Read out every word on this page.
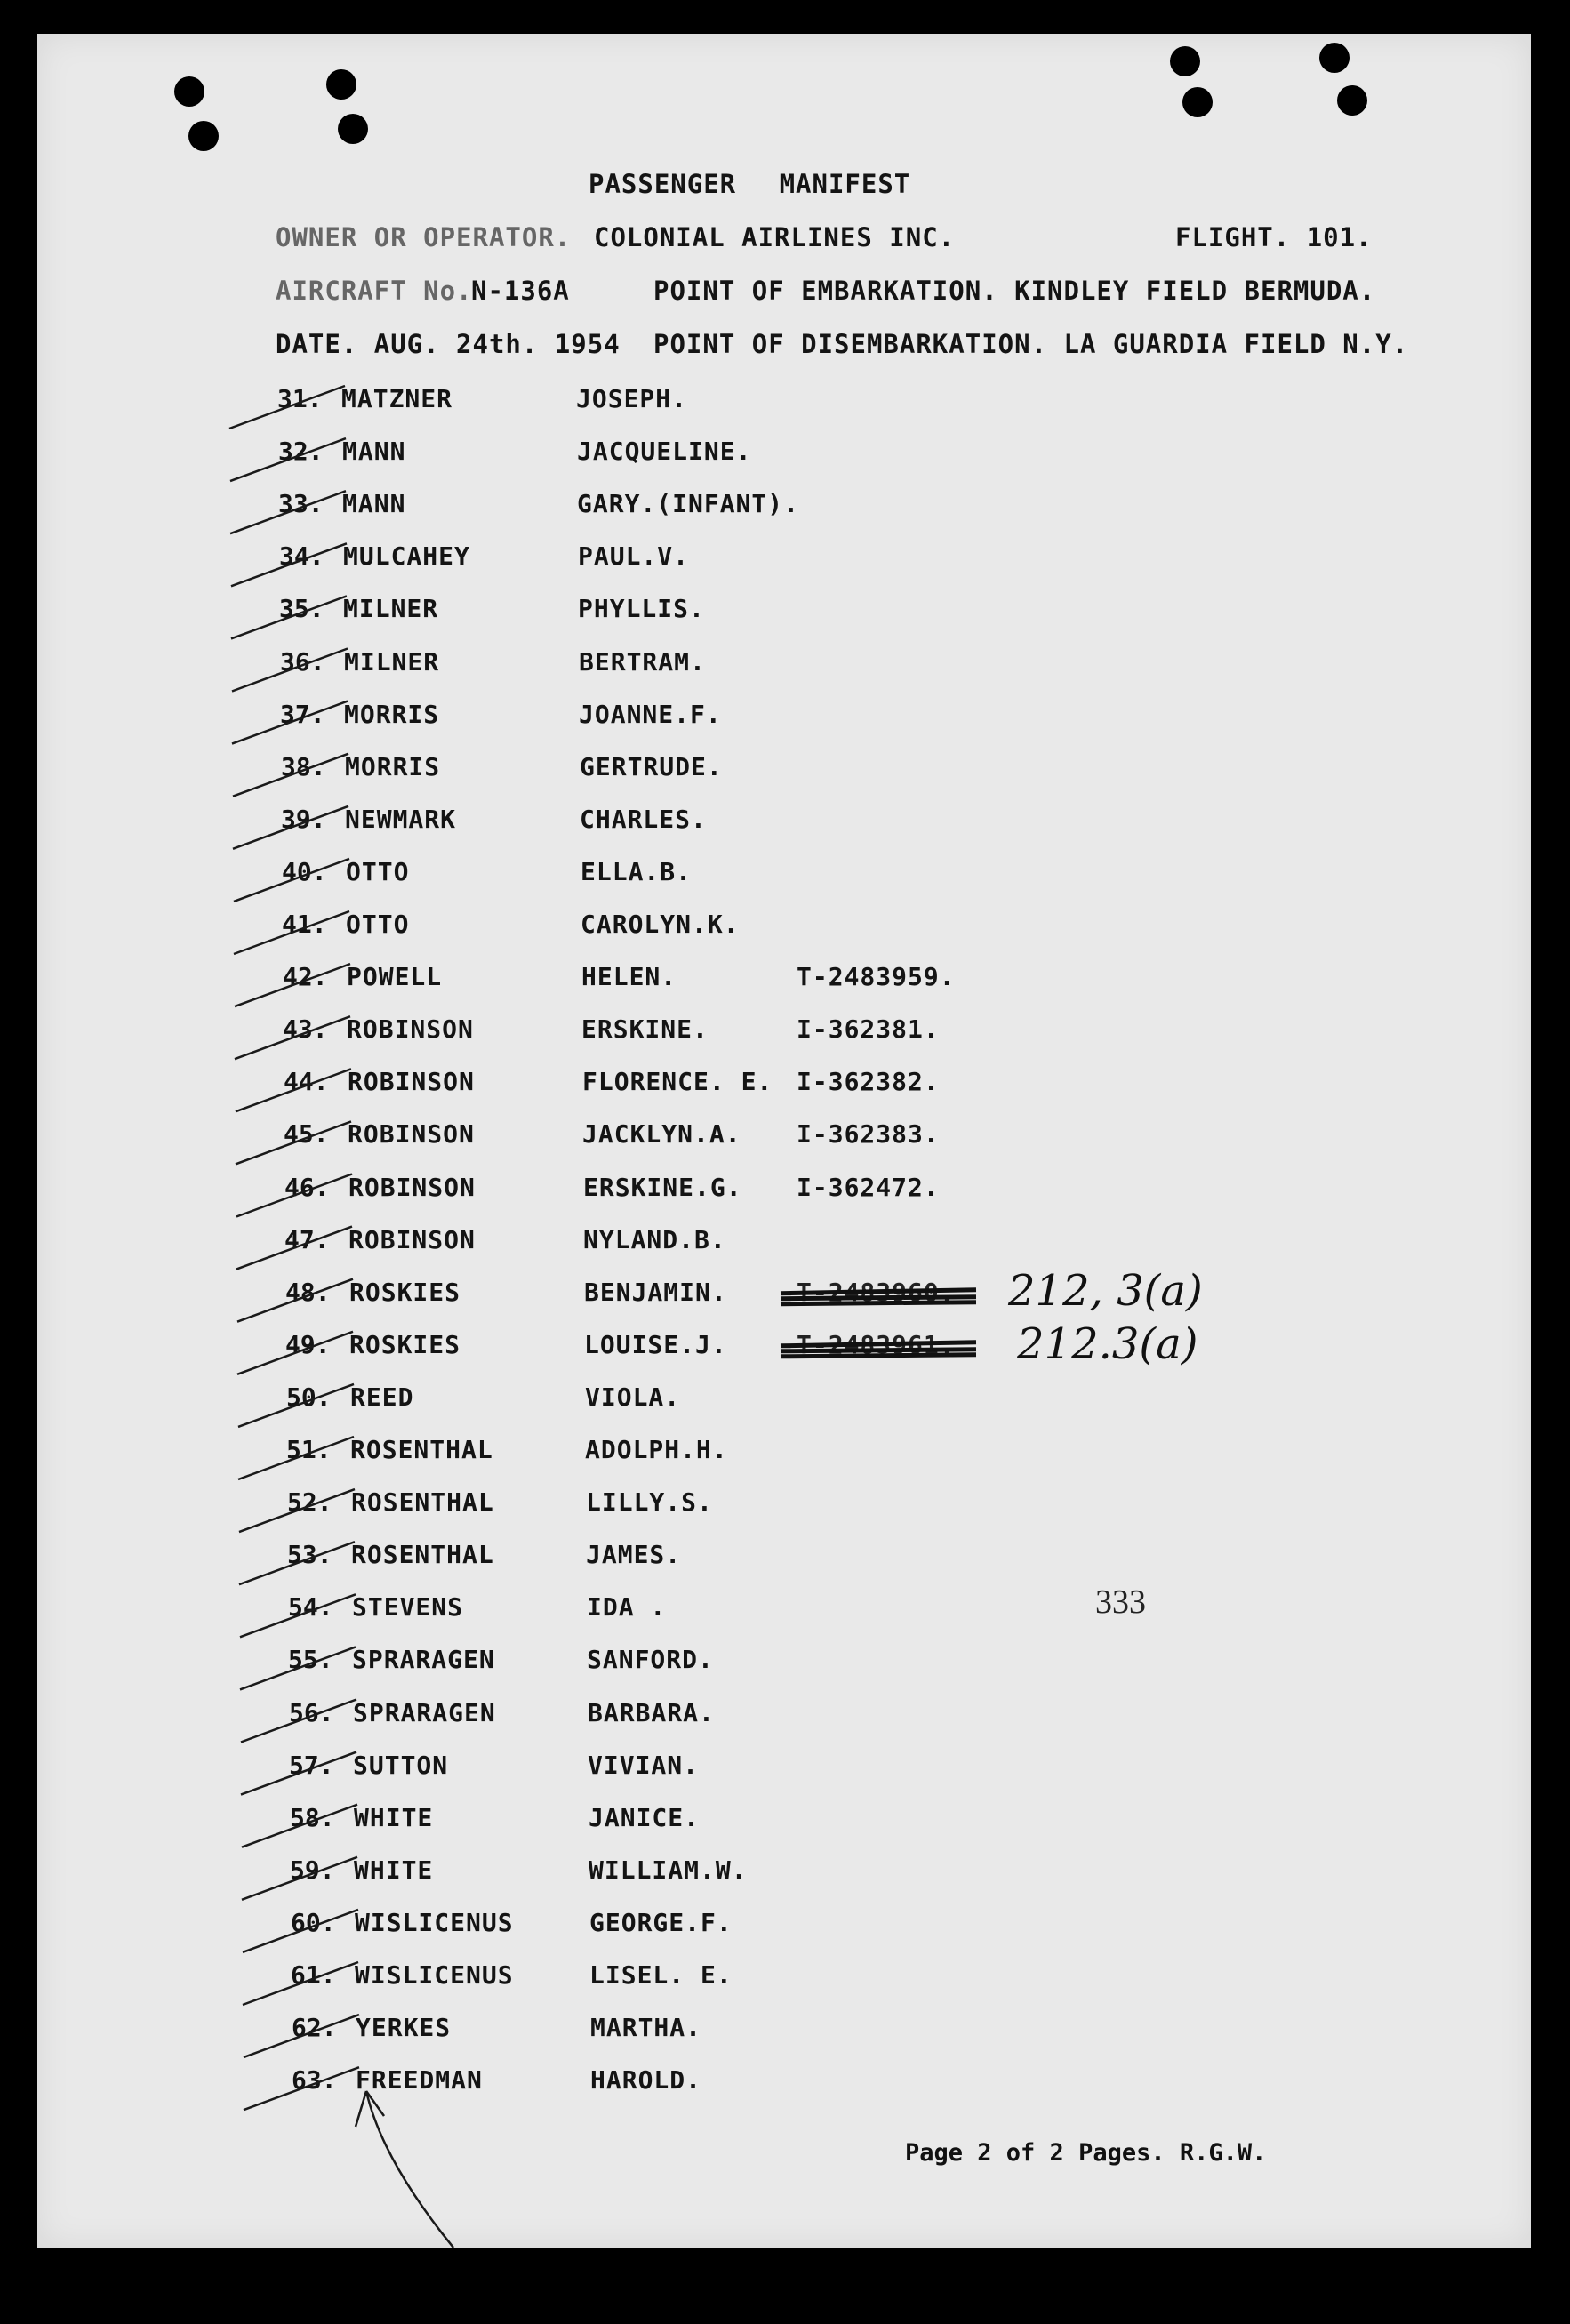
PASSENGER MANIFEST
OWNER OR OPERATOR. COLONIAL AIRLINES INC.	FLIGHT. 101.
AIRCRAFT No.
N-136A	POINT OF EMBARKATION. KINDLEY FIELD BERMUDA.
DATE. AUG. 24th. 1954 POINT OF DISEMBARKATION. LA GUARDIA FIELD N.Y.
31. MATZNER	JOSEPH.
32. MANN	JACQUELINE.
33. MANN	GARY.(INFANT).
34. MULCAHEY	PAUL.V.
35. MILNER	PHYLLIS.
36. MILNER	BERTRAM.
37. MORRIS	JOANNE.F.
38. MORRIS	GERTRUDE.
39. NEWMARK	CHARLES.
40. OTTO	ELLA.B.
41. OTTO	CAROLYN.K.
42. POWELL	HELEN.	T-2483959.
43. ROBINSON	ERSKINE.	I-362381.
44. ROBINSON	FLORENCE. E. I-362382.
45. ROBINSON	JACKLYN.A. I-362383.
46. ROBINSON	ERSKINE.G. I-362472.
47. ROBINSON	NYLAND.B.
48. ROSKIES	BENJAMIN.	T-2483960.
49. ROSKIES	LOUISE.J.	T-2483961.
50. REED	VIOLA.
51. ROSENTHAL	ADOLPH.H.
52. ROSENTHAL	LILLY.S.
53. ROSENTHAL	JAMES.
54. STEVENS	IDA .
55. SPRARAGEN	SANFORD.
56. SPRARAGEN	BARBARA.
57. SUTTON	VIVIAN.
58. WHITE	JANICE.
59. WHITE	WILLIAM.W.
60. WISLICENUS	GEORGE.F.
61. WISLICENUS	LISEL. E.
62. YERKES	MARTHA.
63. FREEDMAN	HAROLD.
212, 3(a)
212.3(a)
333
Page 2 of 2 Pages. R.G.W.
